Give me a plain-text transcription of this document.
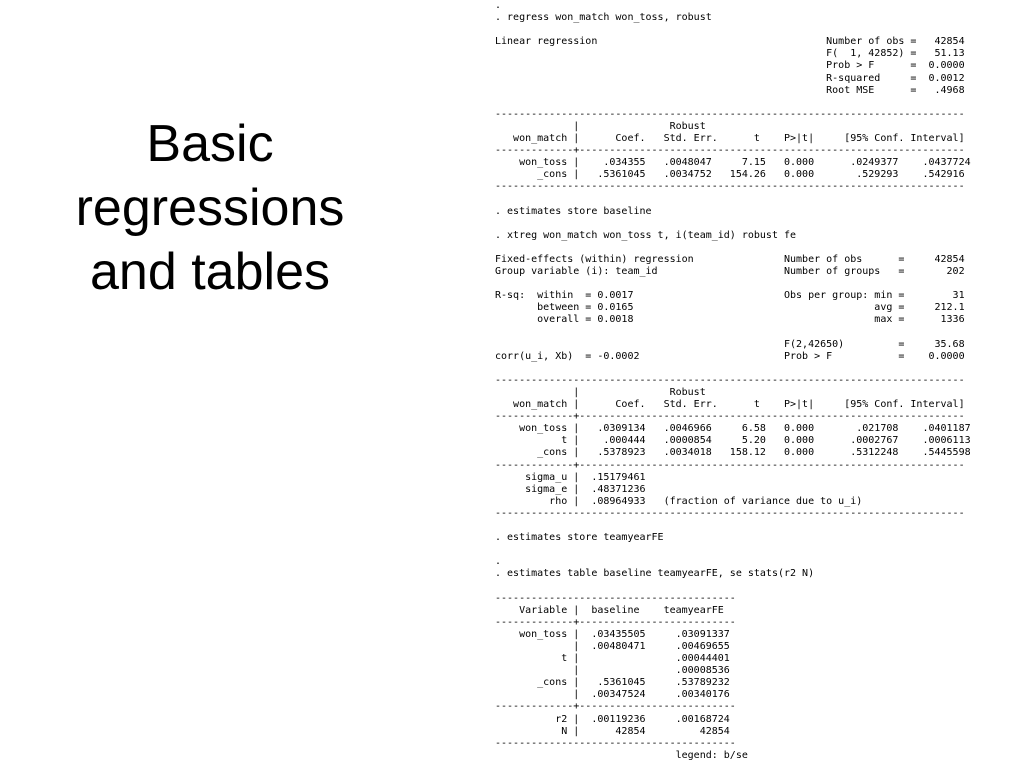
Basic
regressions
and tables
.
. regress won_match won_toss, robust

Linear regression                                      Number of obs =   42854
F(  1, 42852) =   51.13
Prob > F      =  0.0000
R-squared     =  0.0012
Root MSE      =   .4968

------------------------------------------------------------------------------
|               Robust
won_match |      Coef.   Std. Err.      t    P>|t|     [95% Conf. Interval]
-------------+----------------------------------------------------------------
won_toss |    .034355   .0048047     7.15   0.000      .0249377    .0437724
_cons |   .5361045   .0034752   154.26   0.000       .529293    .542916
------------------------------------------------------------------------------

. estimates store baseline

. xtreg won_match won_toss t, i(team_id) robust fe

Fixed-effects (within) regression               Number of obs      =     42854
Group variable (i): team_id                     Number of groups   =       202

R-sq:  within  = 0.0017                         Obs per group: min =        31
between = 0.0165                                        avg =     212.1
overall = 0.0018                                        max =      1336

F(2,42650)         =     35.68
corr(u_i, Xb)  = -0.0002                        Prob > F           =    0.0000

------------------------------------------------------------------------------
|               Robust
won_match |      Coef.   Std. Err.      t    P>|t|     [95% Conf. Interval]
-------------+----------------------------------------------------------------
won_toss |   .0309134   .0046966     6.58   0.000       .021708    .0401187
t |    .000444   .0000854     5.20   0.000      .0002767    .0006113
_cons |   .5378923   .0034018   158.12   0.000      .5312248    .5445598
-------------+----------------------------------------------------------------
sigma_u |  .15179461
sigma_e |  .48371236
rho |  .08964933   (fraction of variance due to u_i)
------------------------------------------------------------------------------

. estimates store teamyearFE

.
. estimates table baseline teamyearFE, se stats(r2 N)

----------------------------------------
Variable |  baseline    teamyearFE
-------------+--------------------------
won_toss |  .03435505     .03091337
|  .00480471     .00469655
t |                .00044401
|                .00008536
_cons |   .5361045     .53789232
|  .00347524     .00340176
-------------+--------------------------
r2 |  .00119236     .00168724
N |      42854         42854
----------------------------------------
legend: b/se
